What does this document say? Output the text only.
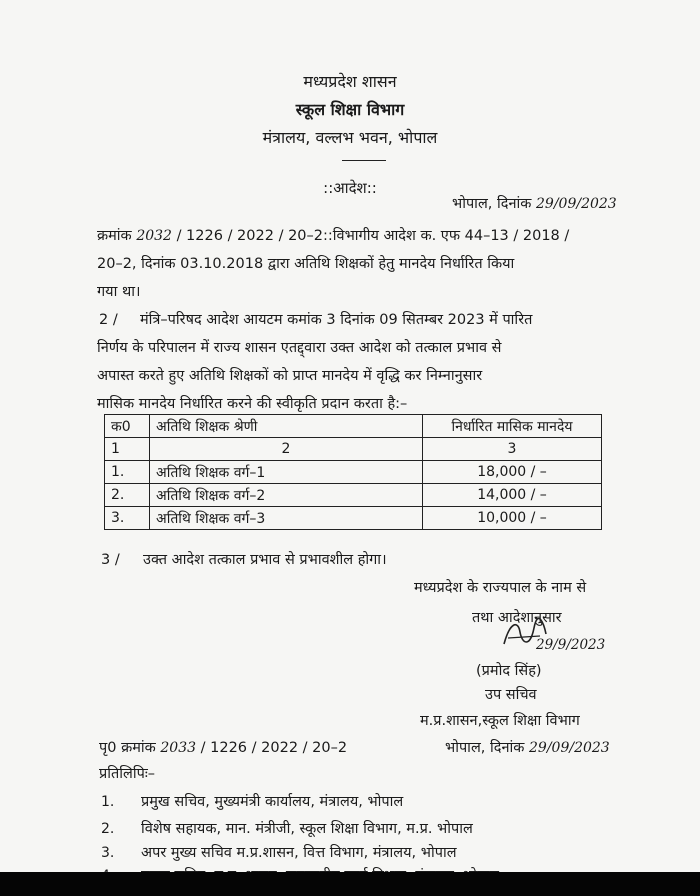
मध्यप्रदेश शासन
स्कूल शिक्षा विभाग
मंत्रालय, वल्लभ भवन, भोपाल
::आदेश::
भोपाल, दिनांक 29/09/2023
क्रमांक 2032 / 1226 / 2022 / 20–2::विभागीय आदेश क. एफ 44–13 / 2018 /
20–2, दिनांक 03.10.2018 द्वारा अतिथि शिक्षकों हेतु मानदेय निर्धारित किया
गया था।
2 / मंत्रि–परिषद आदेश आयटम कमांक 3 दिनांक 09 सितम्बर 2023 में पारित
निर्णय के परिपालन में राज्य शासन एतद्द्वारा उक्त आदेश को तत्काल प्रभाव से
अपास्त करते हुए अतिथि शिक्षकों को प्राप्त मानदेय में वृद्धि कर निम्नानुसार
मासिक मानदेय निर्धारित करने की स्वीकृति प्रदान करता है:–
क0	अतिथि शिक्षक श्रेणी	निर्धारित मासिक मानदेय
1	2	3
1.	अतिथि शिक्षक वर्ग–1	18,000 / –
2.	अतिथि शिक्षक वर्ग–2	14,000 / –
3.	अतिथि शिक्षक वर्ग–3	10,000 / –
3 / उक्त आदेश तत्काल प्रभाव से प्रभावशील होगा।
मध्यप्रदेश के राज्यपाल के नाम से
तथा आदेशानुसार
29/9/2023
(प्रमोद सिंह)
उप सचिव
म.प्र.शासन,स्कूल शिक्षा विभाग
पृ0 क्रमांक 2033 / 1226 / 2022 / 20–2	भोपाल, दिनांक 29/09/2023
प्रतिलिपिः–
1. प्रमुख सचिव, मुख्यमंत्री कार्यालय, मंत्रालय, भोपाल
2. विशेष सहायक, मान. मंत्रीजी, स्कूल शिक्षा विभाग, म.प्र. भोपाल
3. अपर मुख्य सचिव म.प्र.शासन, वित्त विभाग, मंत्रालय, भोपाल
